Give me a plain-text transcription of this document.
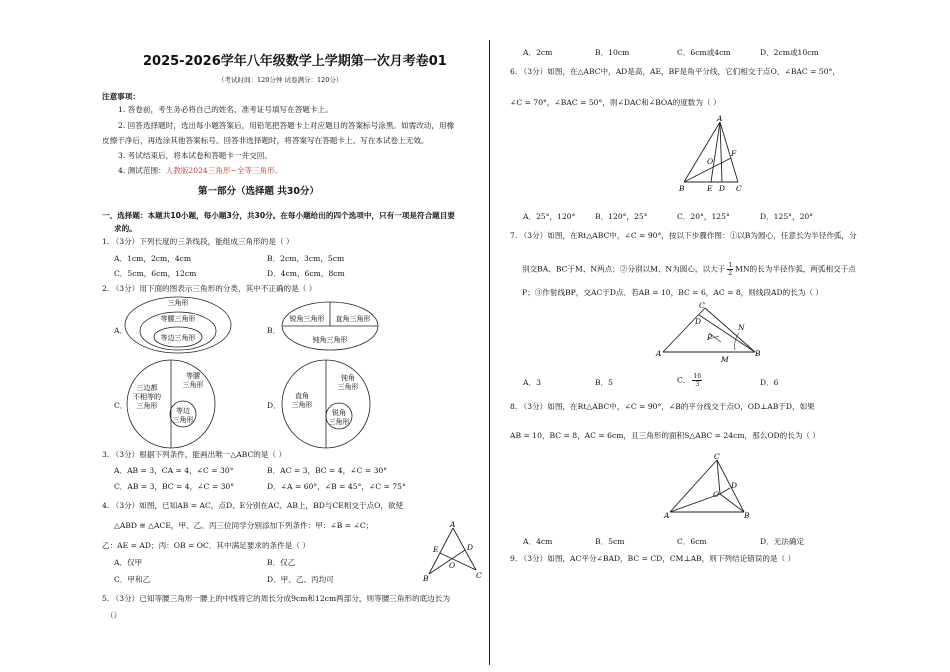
2025-2026学年八年级数学上学期第一次月考卷01
（考试时间：120分钟 试卷满分：120分）
注意事项：
1. 答卷前，考生务必将自己的姓名、准考证号填写在答题卡上。
2. 回答选择题时，选出每小题答案后，用铅笔把答题卡上对应题目的答案标号涂黑。如需改动，用橡
皮擦干净后，再选涂其他答案标号。回答非选择题时，将答案写在答题卡上。写在本试卷上无效。
3. 考试结束后，将本试卷和答题卡一并交回。
4. 测试范围：人教版2024三角形~全等三角形。
第一部分（选择题 共30分）
一、选择题：本题共10小题，每小题3分，共30分。在每小题给出的四个选项中，只有一项是符合题目要
求的。
1. （3分）下列长度的三条线段，能组成三角形的是（ ）
A．1cm，2cm，4cm	B．2cm，3cm，5cm
C．5cm，6cm，12cm	D．4cm，6cm，8cm
2. （3分）用下面的图表示三角形的分类，其中不正确的是（ ）
A．	B．
C．	D．
三角形
等腰三角形
等边三角形
锐角三角形 直角三角形
钝角三角形
三边都
不相等的
三角形
等腰
三角形
等边
三角形
直角
三角形
钝角
三角形
锐角
三角形
3. （3分）根据下列条件，能画出唯一△ABC的是（ ）
A．AB = 3，CA = 4，∠C = 30°	B．AC = 3，BC = 4，∠C = 30°
C．AB = 3，BC = 4，∠C = 30°	D．∠A = 60°，∠B = 45°，∠C = 75°
4. （3分）如图，已知AB = AC，点D、E分别在AC、AB上，BD与CE相交于点O，欲使
△ABD ≅ △ACE，甲、乙、丙三位同学分别添加下列条件：甲：∠B = ∠C；
乙：AE = AD；丙：OB = OC．其中满足要求的条件是（ ）
A．仅甲	B．仅乙
C．甲和乙	D．甲、乙、丙均可
A
E	D
O
B	C
5. （3分）已知等腰三角形一腰上的中线将它的周长分成9cm和12cm两部分，则等腰三角形的底边长为
（）
A．2cm	B．10cm	C．6cm或4cm	D．2cm或10cm
6. （3分）如图，在△ABC中，AD是高，AE，BF是角平分线，它们相交于点O，∠BAC = 50°，
∠C = 70°，∠BAC = 50°，则∠DAC和∠BOA的度数为（ ）
A
F
O
B	E D C
A．25°，120°	B．120°，25°	C．20°，125°	D．125°，20°
7. （3分）如图，在Rt△ABC中，∠C = 90°，按以下步骤作图：①以B为圆心，任意长为半径作弧，分
别交BA、BC于M、N两点；②分别以M、N为圆心，以大于 $\frac{1}{2}$ MN的长为半径作弧，两弧相交于点
P；③作射线BP，交AC于D点．若AB = 10，BC = 6，AC = 8，则线段AD的长为（ ）
C
D
N
P
A
M
B
A．3	B．5	C． $\frac{16}{3}$	D．6
8. （3分）如图，在Rt△ABC中，∠C = 90°，∠B的平分线交于点O，OD⊥AB于D，如果
AB = 10，BC = 8，AC = 6cm，且三角形的面积S△ABC = 24cm，那么OD的长为（ ）
C
D
O
A	B
A．4cm	B．5cm	C．6cm	D．无法确定
9. （3分）如图，AC平分∠BAD，BC = CD，CM⊥AB，则下列结论错误的是（ ）
